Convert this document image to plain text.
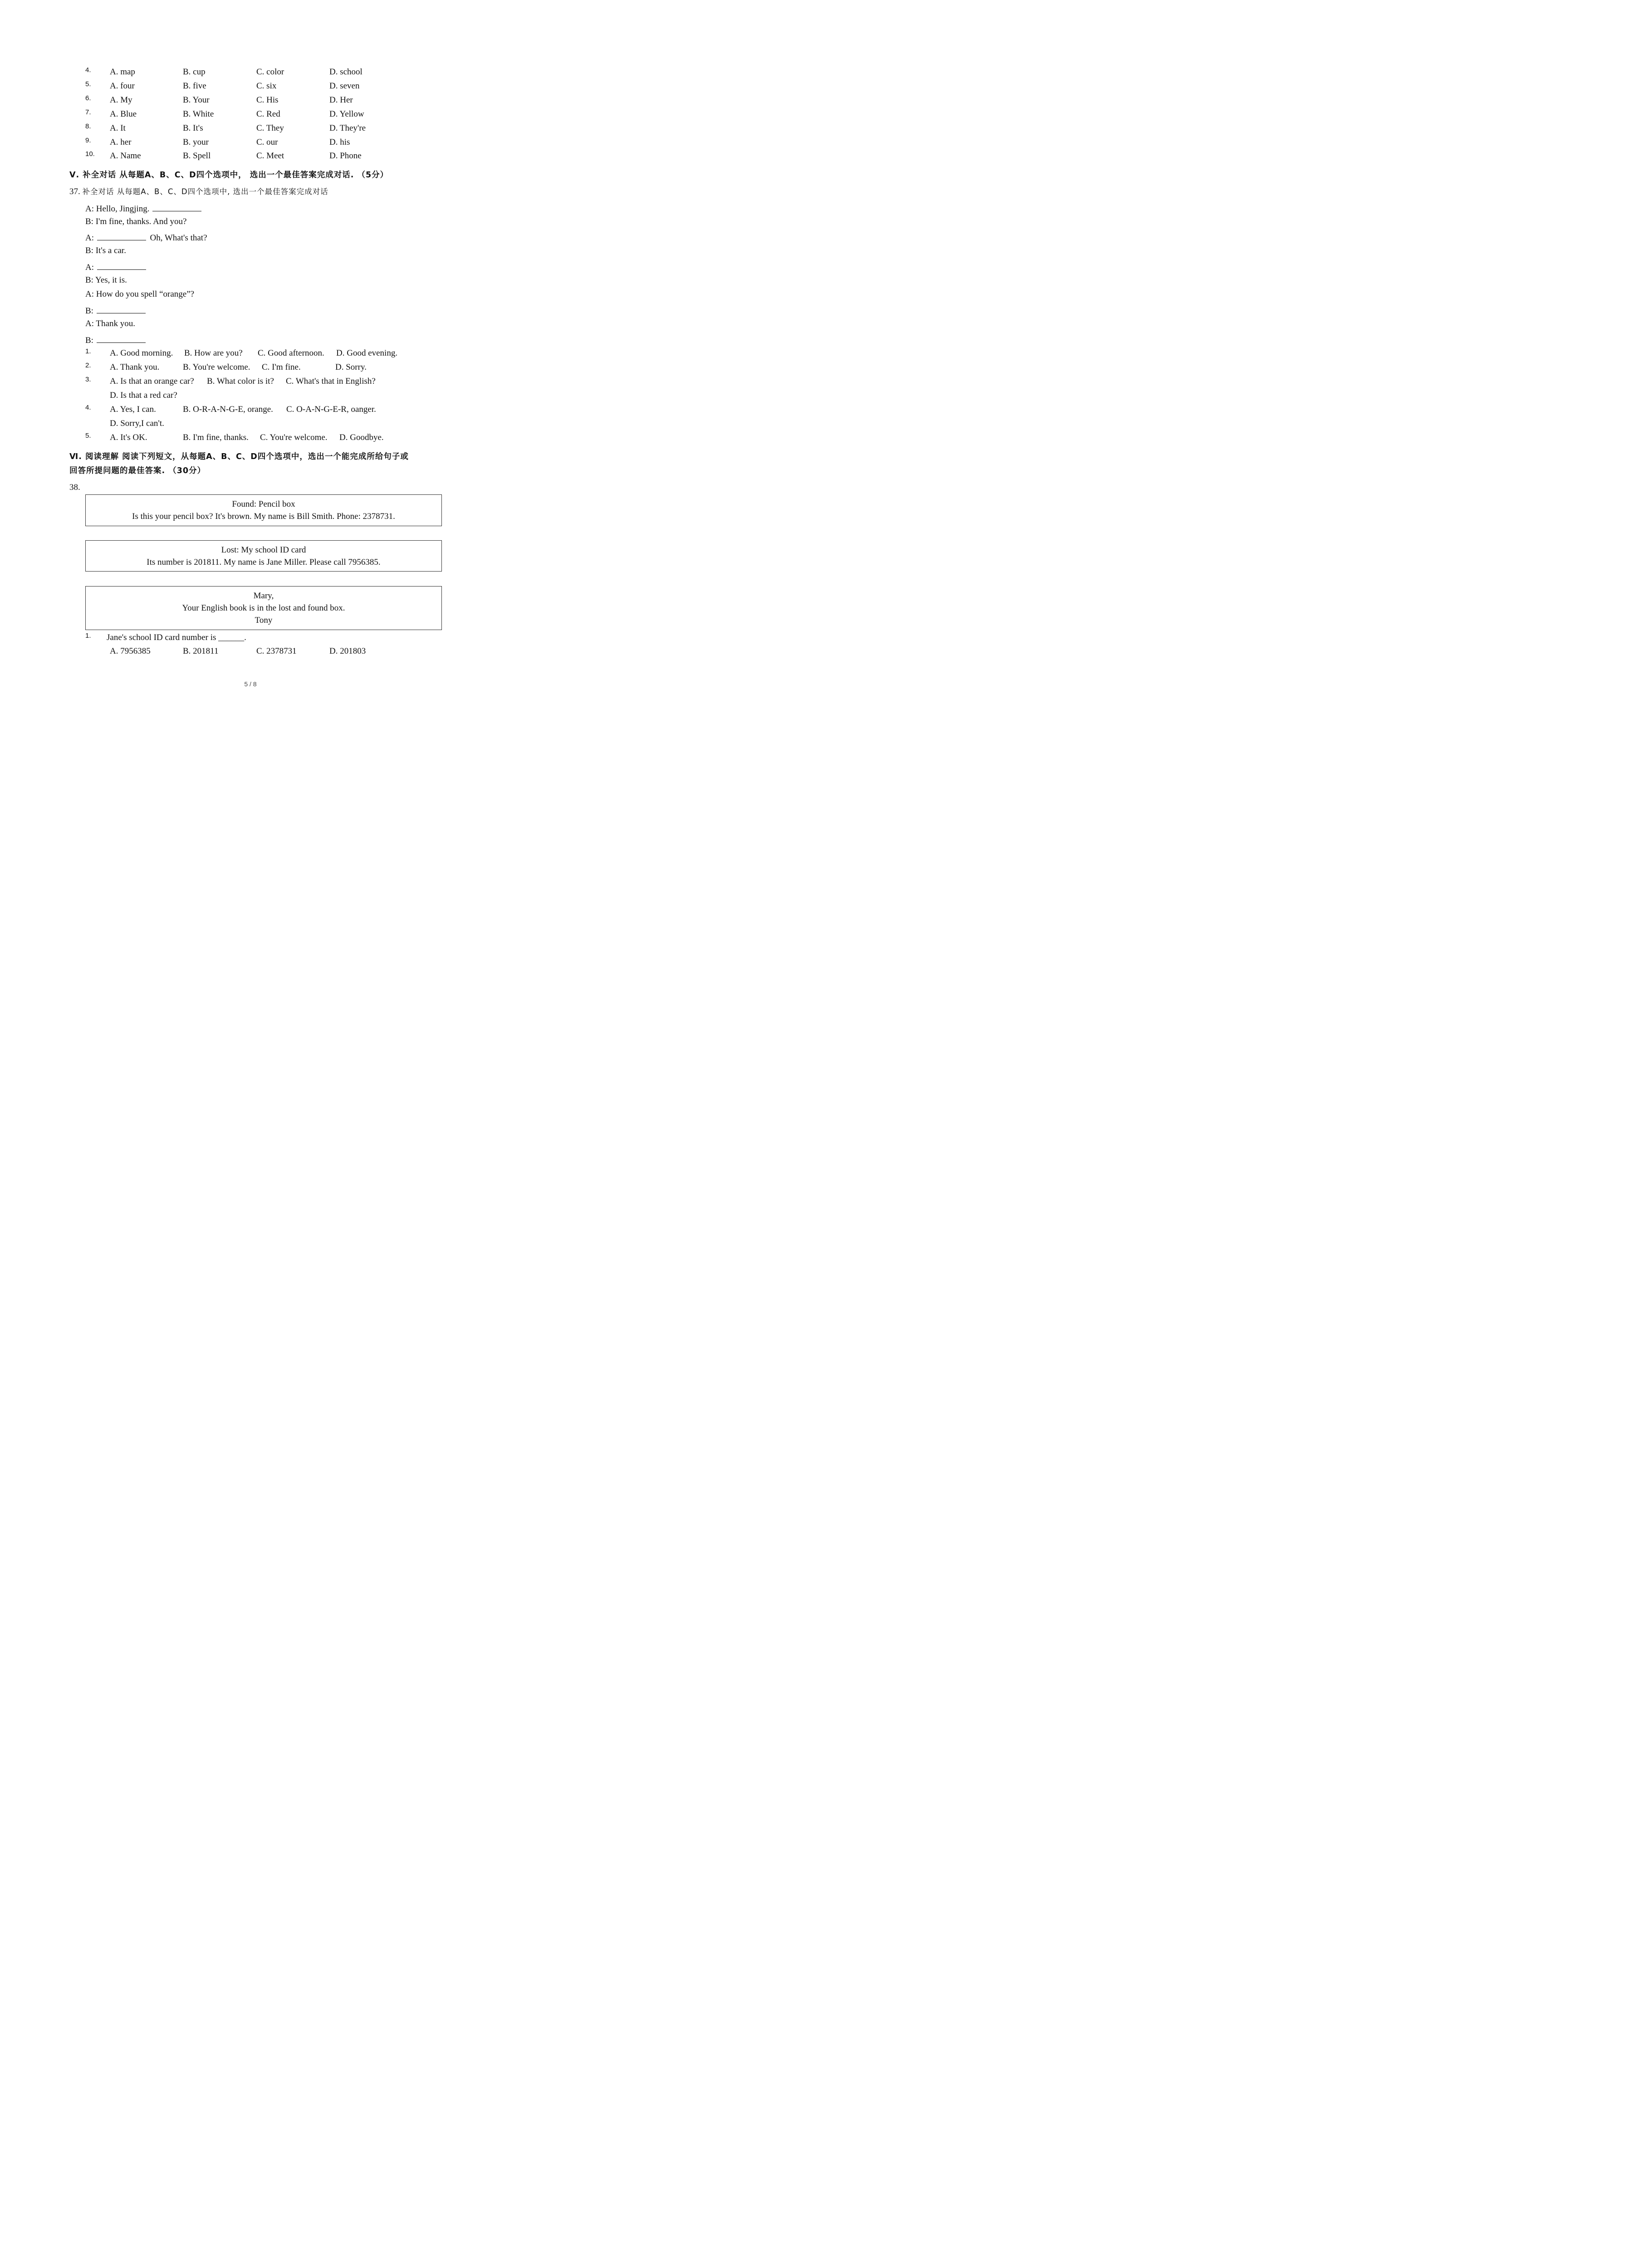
4. A. map	B. cup	C. color	D. school
5. A. four	B. five	C. six	D. seven
6. A. My	B. Your	C. His	D. Her
7. A. Blue	B. White	C. Red	D. Yellow
8. A. It	B. It's	C. They	D. They're
9. A. her	B. your	C. our	D. his
10. A. Name	B. Spell	C. Meet	D. Phone
Ⅴ. 补全对话 从每题A、B、C、D四个选项中， 选出一个最佳答案完成对话. （5分）
37. 补全对话 从每题A、B、C、D四个选项中, 选出一个最佳答案完成对话
A: Hello, Jingjing.
B: I'm fine, thanks. And you?
A:	Oh, What's that?
B: It's a car.
A:
B: Yes, it is.
A: How do you spell “orange”?
B:
A: Thank you.
B:
1. A. Good morning. B. How are you? C. Good afternoon. D. Good evening.
2. A. Thank you.	B. You're welcome. C. I'm fine.	D. Sorry.
3. A. Is that an orange car? B. What color is it? C. What's that in English?
D. Is that a red car?
4. A. Yes, I can.	B. O-R-A-N-G-E, orange. C. O-A-N-G-E-R, oanger.
D. Sorry,I can't.
5. A. It's OK.	B. I'm fine, thanks. C. You're welcome. D. Goodbye.
Ⅵ. 阅读理解 阅读下列短文，从每题A、B、C、D四个选项中，选出一个能完成所给句子或
回答所提问题的最佳答案. （30分）
38.
Found: Pencil box
Is this your pencil box? It's brown. My name is Bill Smith. Phone: 2378731.
Lost: My school ID card
Its number is 201811. My name is Jane Miller. Please call 7956385.
Mary,
Your English book is in the lost and found box.
Tony
1. Jane's school ID card number is ______.
A. 7956385	B. 201811	C. 2378731	D. 201803
5 / 8
